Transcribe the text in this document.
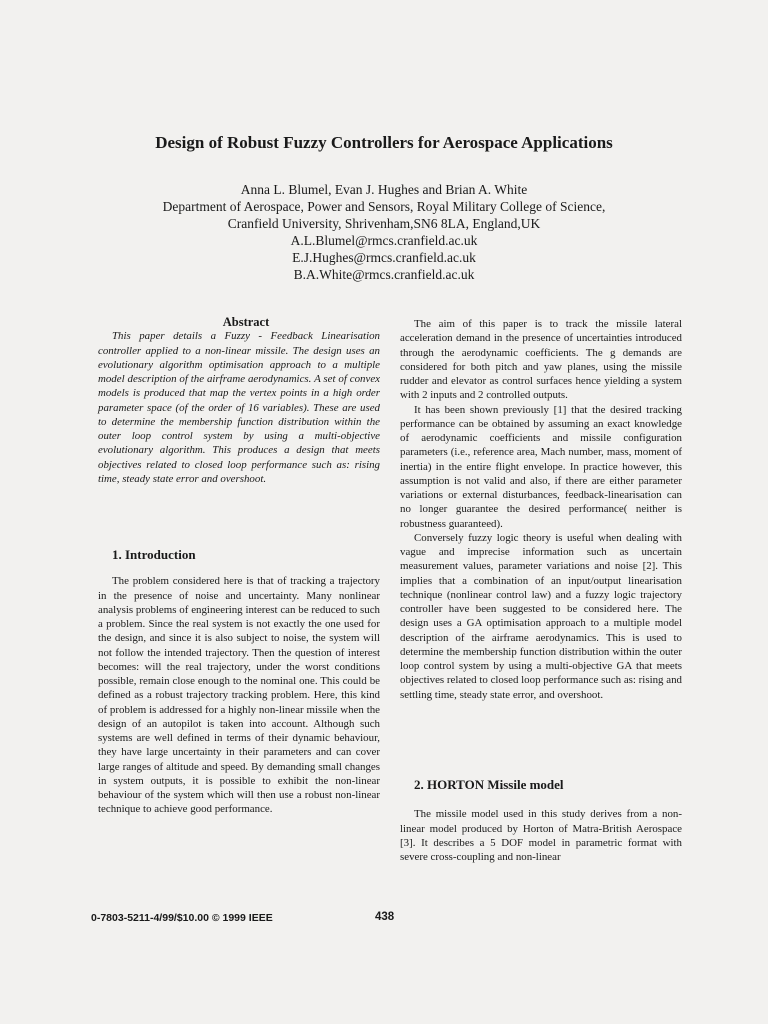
Design of Robust Fuzzy Controllers for Aerospace Applications
Anna L. Blumel, Evan J. Hughes and Brian A. White
Department of Aerospace, Power and Sensors, Royal Military College of Science,
Cranfield University, Shrivenham,SN6 8LA, England,UK
A.L.Blumel@rmcs.cranfield.ac.uk
E.J.Hughes@rmcs.cranfield.ac.uk
B.A.White@rmcs.cranfield.ac.uk

Abstract

This paper details a Fuzzy - Feedback Linearisation controller applied to a non-linear missile. The design uses an evolutionary algorithm optimisation approach to a multiple model description of the airframe aerodynamics. A set of convex models is produced that map the vertex points in a high order parameter space (of the order of 16 variables). These are used to determine the membership function distribution within the outer loop control system by using a multi-objective evolutionary algorithm. This produces a design that meets objectives related to closed loop performance such as: rising time, steady state error and overshoot.

1. Introduction

The problem considered here is that of tracking a trajectory in the presence of noise and uncertainty. Many nonlinear analysis problems of engineering interest can be reduced to such a problem. Since the real system is not exactly the one used for the design, and since it is also subject to noise, the system will not follow the intended trajectory. Then the question of interest becomes: will the real trajectory, under the worst conditions possible, remain close enough to the nominal one. This could be defined as a robust trajectory tracking problem. Here, this kind of problem is addressed for a highly non-linear missile when the design of an autopilot is taken into account. Although such systems are well defined in terms of their dynamic behaviour, they have large uncertainty in their parameters and can cover large ranges of altitude and speed. By demanding small changes in system outputs, it is possible to exhibit the non-linear behaviour of the system which will then use a robust non-linear technique to achieve good performance.

The aim of this paper is to track the missile lateral acceleration demand in the presence of uncertainties introduced through the aerodynamic coefficients. The g demands are considered for both pitch and yaw planes, using the missile rudder and elevator as control surfaces hence yielding a system with 2 inputs and 2 controlled outputs.

It has been shown previously [1] that the desired tracking performance can be obtained by assuming an exact knowledge of aerodynamic coefficients and missile configuration parameters (i.e., reference area, Mach number, mass, moment of inertia) in the entire flight envelope. In practice however, this assumption is not valid and also, if there are either parameter variations or external disturbances, feedback-linearisation can no longer guarantee the desired performance( neither is robustness guaranteed).

Conversely fuzzy logic theory is useful when dealing with vague and imprecise information such as uncertain measurement values, parameter variations and noise [2]. This implies that a combination of an input/output linearisation technique (nonlinear control law) and a fuzzy logic trajectory controller have been suggested to be considered here. The design uses a GA optimisation approach to a multiple model description of the airframe aerodynamics. This is used to determine the membership function distribution within the outer loop control system by using a multi-objective GA that meets objectives related to closed loop performance such as: rising and settling time, steady state error, and overshoot.

2. HORTON Missile model

The missile model used in this study derives from a non-linear model produced by Horton of Matra-British Aerospace [3]. It describes a 5 DOF model in parametric format with severe cross-coupling and non-linear

0-7803-5211-4/99/$10.00 © 1999 IEEE	438
